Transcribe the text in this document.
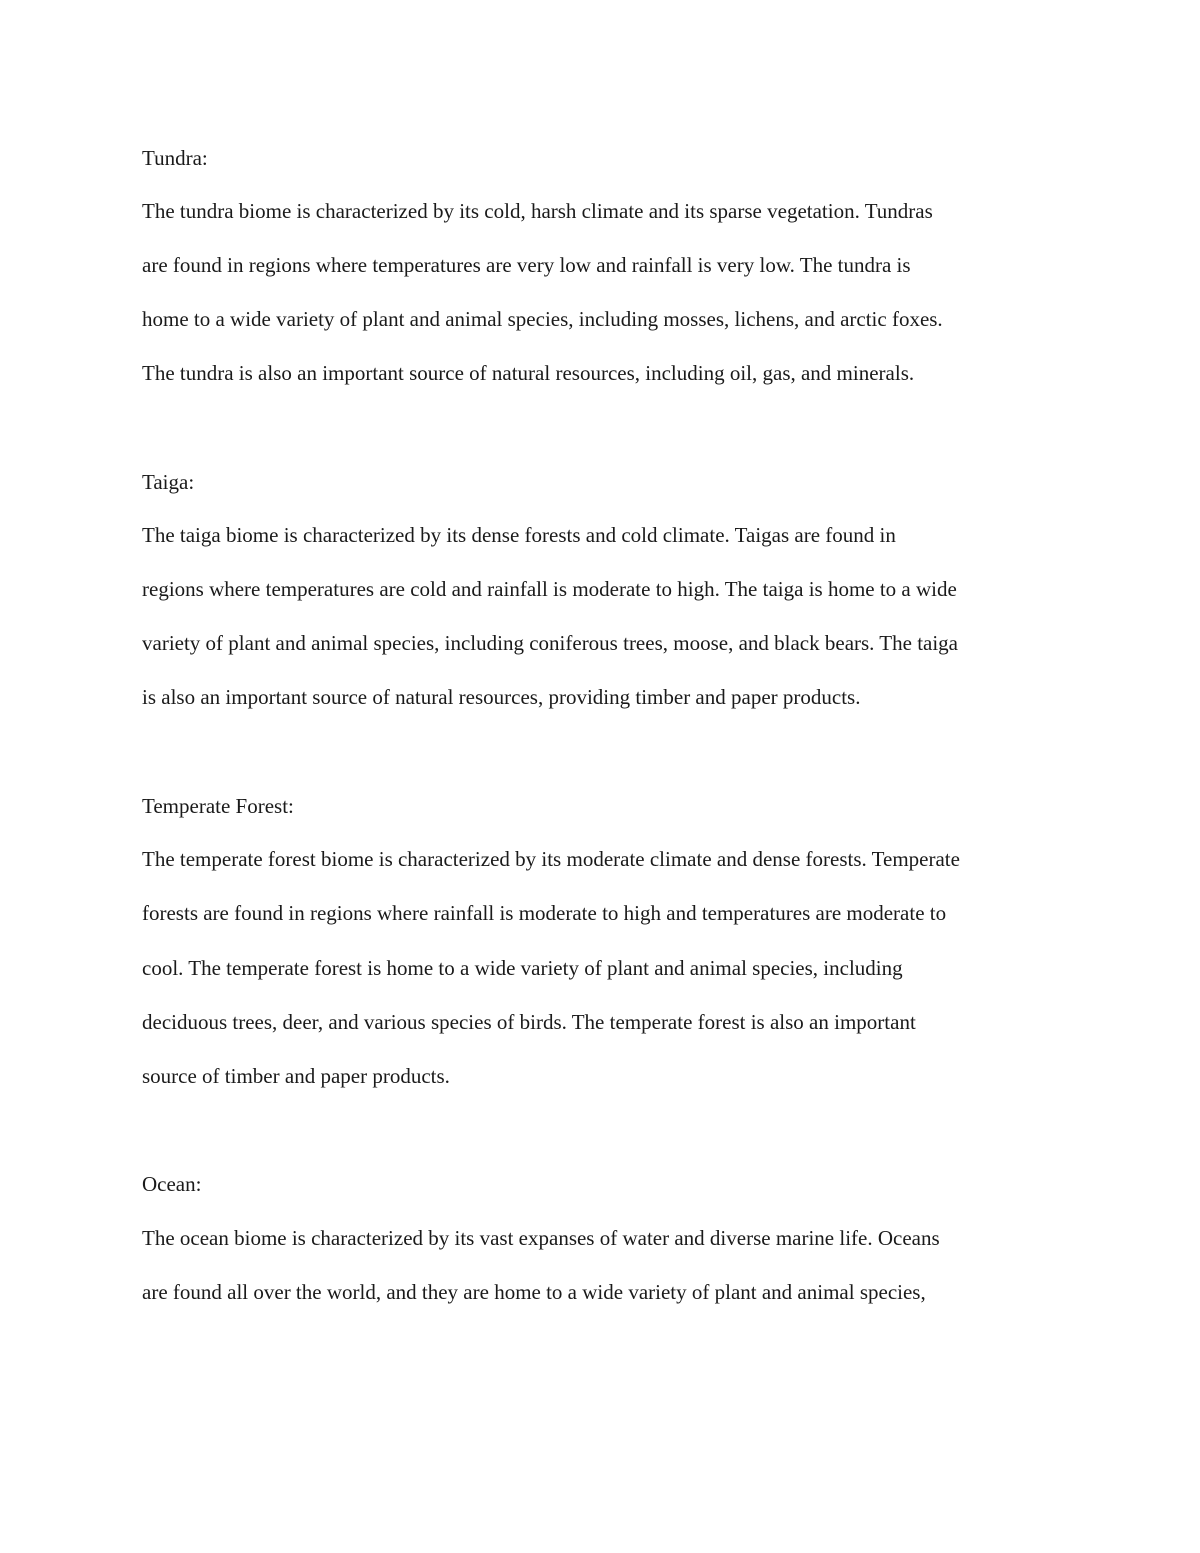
Tundra:
The tundra biome is characterized by its cold, harsh climate and its sparse vegetation. Tundras
are found in regions where temperatures are very low and rainfall is very low. The tundra is
home to a wide variety of plant and animal species, including mosses, lichens, and arctic foxes.
The tundra is also an important source of natural resources, including oil, gas, and minerals.
Taiga:
The taiga biome is characterized by its dense forests and cold climate. Taigas are found in
regions where temperatures are cold and rainfall is moderate to high. The taiga is home to a wide
variety of plant and animal species, including coniferous trees, moose, and black bears. The taiga
is also an important source of natural resources, providing timber and paper products.
Temperate Forest:
The temperate forest biome is characterized by its moderate climate and dense forests. Temperate
forests are found in regions where rainfall is moderate to high and temperatures are moderate to
cool. The temperate forest is home to a wide variety of plant and animal species, including
deciduous trees, deer, and various species of birds. The temperate forest is also an important
source of timber and paper products.
Ocean:
The ocean biome is characterized by its vast expanses of water and diverse marine life. Oceans
are found all over the world, and they are home to a wide variety of plant and animal species,
